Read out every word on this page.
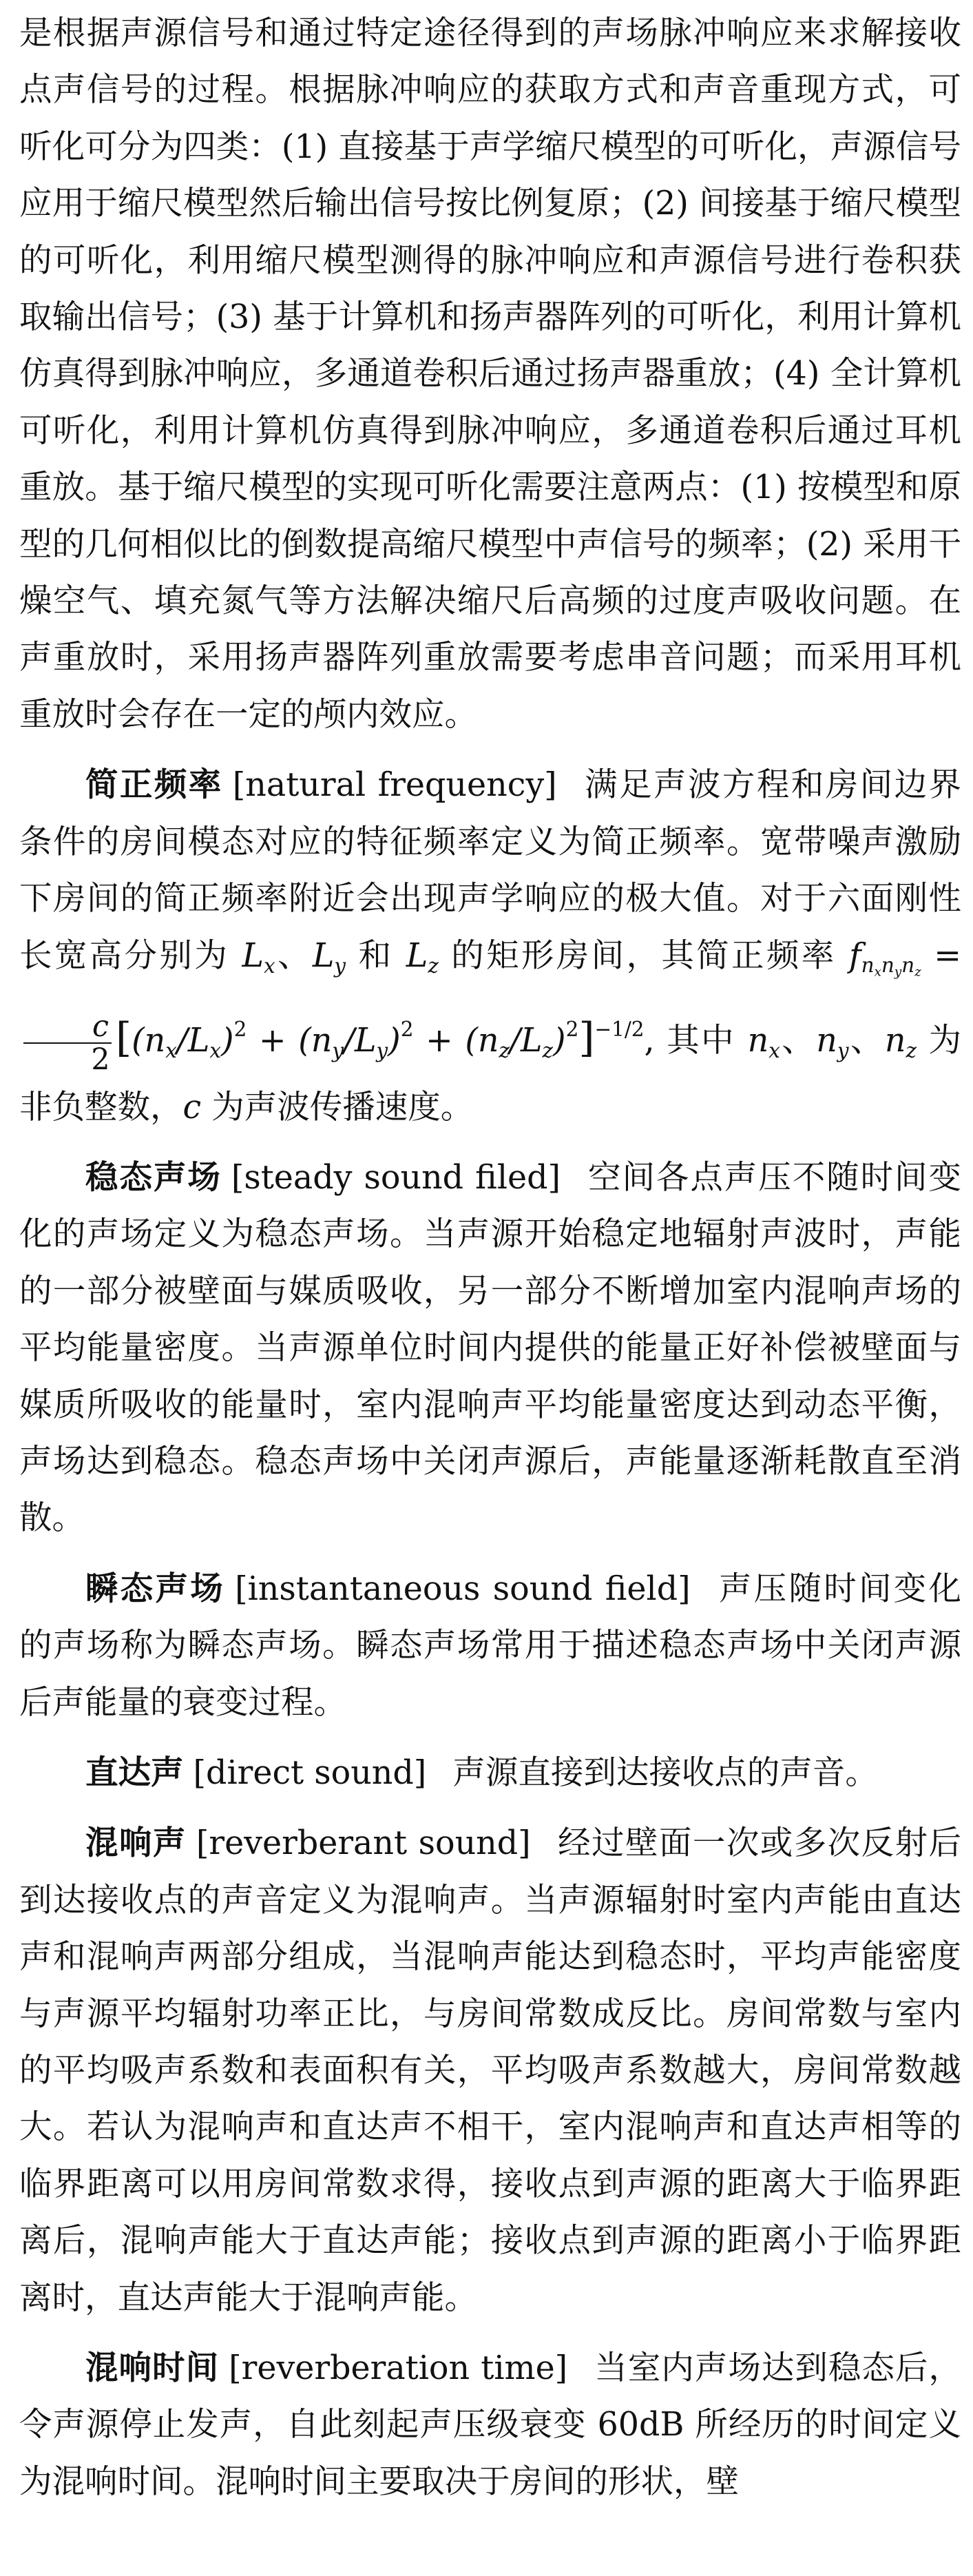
是根据声源信号和通过特定途径得到的声场脉冲响应来求解接收点声信号的过程。根据脉冲响应的获取方式和声音重现方式，可听化可分为四类：(1) 直接基于声学缩尺模型的可听化，声源信号应用于缩尺模型然后输出信号按比例复原；(2) 间接基于缩尺模型的可听化，利用缩尺模型测得的脉冲响应和声源信号进行卷积获取输出信号；(3) 基于计算机和扬声器阵列的可听化，利用计算机仿真得到脉冲响应，多通道卷积后通过扬声器重放；(4) 全计算机可听化，利用计算机仿真得到脉冲响应，多通道卷积后通过耳机重放。基于缩尺模型的实现可听化需要注意两点：(1) 按模型和原型的几何相似比的倒数提高缩尺模型中声信号的频率；(2) 采用干燥空气、填充氮气等方法解决缩尺后高频的过度声吸收问题。在声重放时，采用扬声器阵列重放需要考虑串音问题；而采用耳机重放时会存在一定的颅内效应。

简正频率 [natural frequency] 满足声波方程和房间边界条件的房间模态对应的特征频率定义为简正频率。宽带噪声激励下房间的简正频率附近会出现声学响应的极大值。对于六面刚性长宽高分别为 $L_x$、$L_y$ 和 $L_z$ 的矩形房间，其简正频率 $f_{n_xn_yn_z}$ =
$\frac{c}{2} [(n_x/L_x)^2 + (n_y/L_y)^2 + (n_z/L_z)^2]^{-1/2}$, 其中 $n_x$、$n_y$、$n_z$ 为非负整数，c 为声波传播速度。

稳态声场 [steady sound filed] 空间各点声压不随时间变化的声场定义为稳态声场。当声源开始稳定地辐射声波时，声能的一部分被壁面与媒质吸收，另一部分不断增加室内混响声场的平均能量密度。当声源单位时间内提供的能量正好补偿被壁面与媒质所吸收的能量时，室内混响声平均能量密度达到动态平衡，声场达到稳态。稳态声场中关闭声源后，声能量逐渐耗散直至消散。

瞬态声场 [instantaneous sound field] 声压随时间变化的声场称为瞬态声场。瞬态声场常用于描述稳态声场中关闭声源后声能量的衰变过程。

直达声 [direct sound] 声源直接到达接收点的声音。

混响声 [reverberant sound] 经过壁面一次或多次反射后到达接收点的声音定义为混响声。当声源辐射时室内声能由直达声和混响声两部分组成，当混响声能达到稳态时，平均声能密度与声源平均辐射功率正比，与房间常数成反比。房间常数与室内的平均吸声系数和表面积有关，平均吸声系数越大，房间常数越大。若认为混响声和直达声不相干，室内混响声和直达声相等的临界距离可以用房间常数求得，接收点到声源的距离大于临界距离后，混响声能大于直达声能；接收点到声源的距离小于临界距离时，直达声能大于混响声能。

混响时间 [reverberation time] 当室内声场达到稳态后，令声源停止发声，自此刻起声压级衰变 60dB 所经历的时间定义为混响时间。混响时间主要取决于房间的形状，壁
